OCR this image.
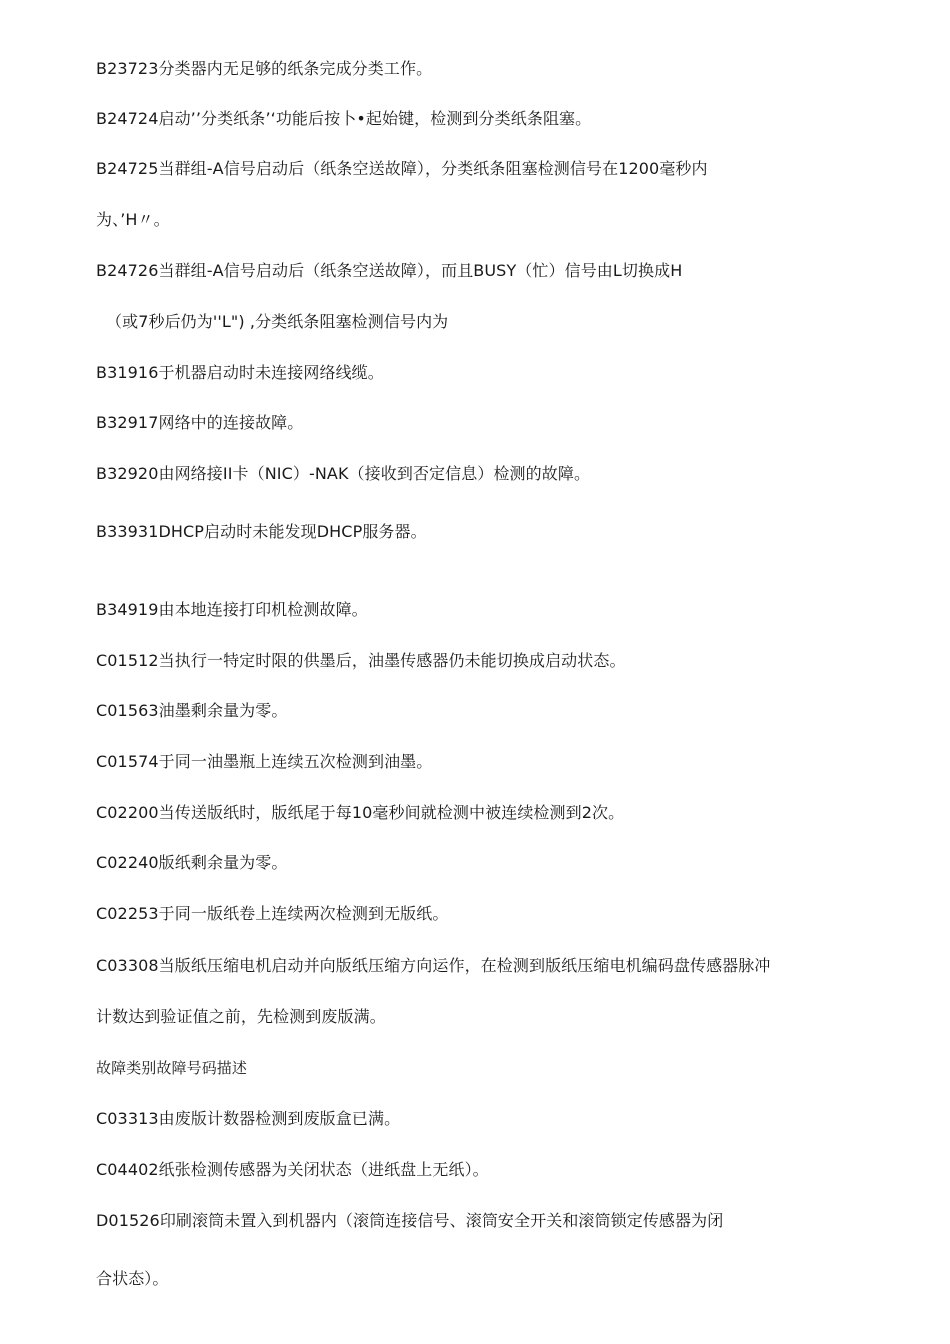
B23723分类器内无足够的纸条完成分类工作。
B24724启动’’分类纸条’‘功能后按卜•起始键，检测到分类纸条阻塞。
B24725当群组-A信号启动后（纸条空送故障），分类纸条阻塞检测信号在1200毫秒内
为、’H〃。
B24726当群组-A信号启动后（纸条空送故障），而且BUSY（忙）信号由L切换成H
（或7秒后仍为''L") ,分类纸条阻塞检测信号内为
B31916于机器启动时未连接网络线缆。
B32917网络中的连接故障。
B32920由网络接II卡（NIC）-NAK（接收到否定信息）检测的故障。
B33931DHCP启动时未能发现DHCP服务器。
B34919由本地连接打印机检测故障。
C01512当执行一特定时限的供墨后，油墨传感器仍未能切换成启动状态。
C01563油墨剩余量为零。
C01574于同一油墨瓶上连续五次检测到油墨。
C02200当传送版纸时，版纸尾于每10毫秒间就检测中被连续检测到2次。
C02240版纸剩余量为零。
C02253于同一版纸卷上连续两次检测到无版纸。
C03308当版纸压缩电机启动并向版纸压缩方向运作，在检测到版纸压缩电机编码盘传感器脉冲
计数达到验证值之前，先检测到废版满。
故障类别故障号码描述
C03313由废版计数器检测到废版盒已满。
C04402纸张检测传感器为关闭状态（进纸盘上无纸）。
D01526印刷滚筒未置入到机器内（滚筒连接信号、滚筒安全开关和滚筒锁定传感器为闭
合状态）。
